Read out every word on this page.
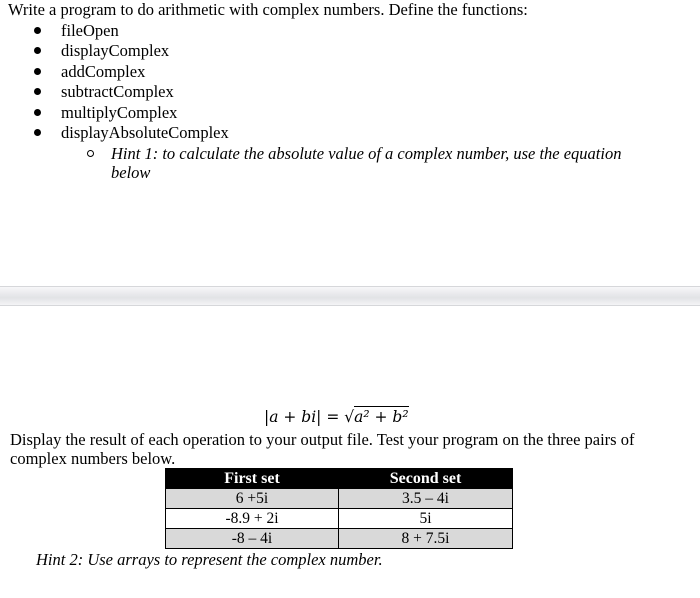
Write a program to do arithmetic with complex numbers. Define the functions:
fileOpen
displayComplex
addComplex
subtractComplex
multiplyComplex
displayAbsoluteComplex
Hint 1: to calculate the absolute value of a complex number, use the equation
below
|a + bi| = √a² + b²
Display the result of each operation to your output file. Test your program on the three pairs of
complex numbers below.
First set	Second set
6 +5i	3.5 – 4i
-8.9 + 2i	5i
-8 – 4i	8 + 7.5i
Hint 2: Use arrays to represent the complex number.
